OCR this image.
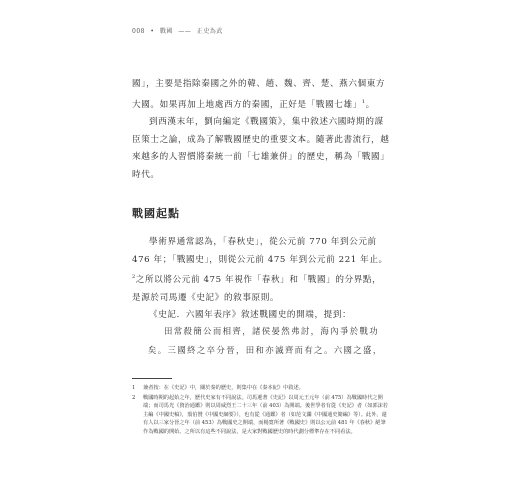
008 • 戰國 —— 正史為武

國」，主要是指除秦國之外的韓、趙、魏、齊、楚、燕六個東方
大國。如果再加上地處西方的秦國，正好是「戰國七雄」$^1$。

到西漢末年，劉向編定《戰國策》，集中敘述六國時期的謀臣策士之論，成為了解戰國歷史的重要文本。隨著此書流行，越來越多的人習慣將秦統一前「七雄兼併」的歷史，稱為「戰國」時代。

戰國起點

學術界通常認為，「春秋史」，從公元前 770 年到公元前 476 年；「戰國史」，則從公元前 475 年到公元前 221 年止。$^2$之所以將公元前 475 年視作「春秋」和「戰國」的分界點，是源於司馬遷《史記》的敘事原則。

《史記．六國年表序》敘述戰國史的開端，提到：

田常殺簡公而相齊，諸侯晏然弗討，海內爭於戰功矣。三國終之卒分晉，田和亦滅齊而有之。六國之盛，

1	兼者按：在《史記》中，關於秦的歷史，則集中在《秦本紀》中敘述。
2	戰國時期的起始之年，歷代史家有不同說法。司馬遷著《史記》以周元王元年（前 475）為戰國時代之開端；而司馬光《資治通鑑》則以周威烈王二十三年（前 403）為開端。後世學者有從《史記》者（如郭沫若主編《中國史稿》，翦伯贊《中國史綱要》），也有從《通鑑》者（如范文瀾《中國通史簡編》等）。此外，還有人以三家分晉之年（前 453）為戰國史之開端，而楊寬所著《戰國史》則以公元前 481 年《春秋》絕筆作為戰國的開始。之所以有這些不同說法，是大家對戰國歷史的時代劃分標準存在不同看法。
